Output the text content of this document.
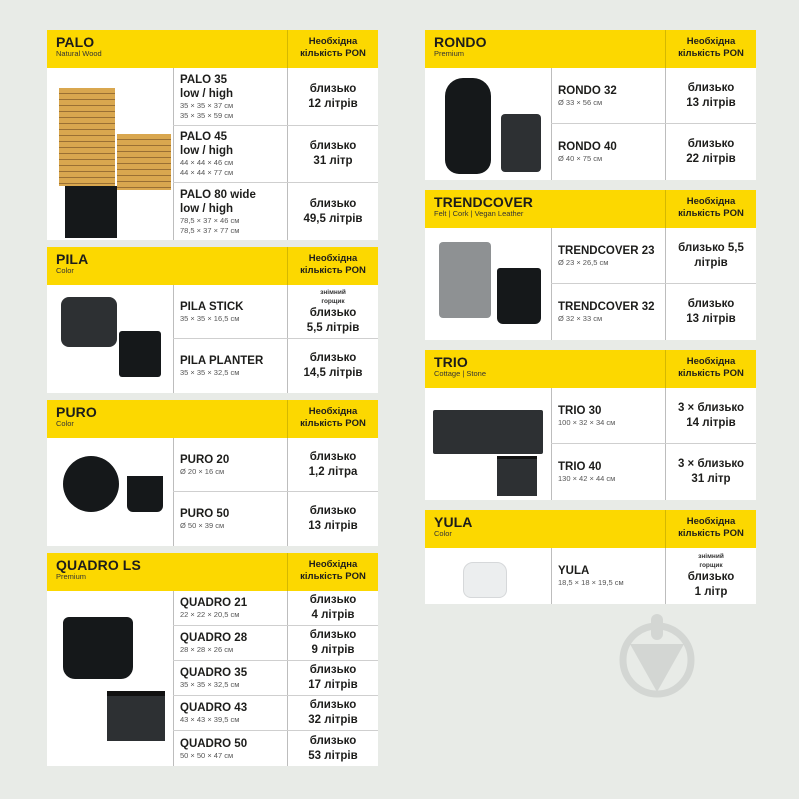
PALO
Natural Wood
Необхідна кількість PON
PALO 35
low / high
35 × 35 × 37 см
35 × 35 × 59 см
близько
12 літрів
PALO 45
low / high
44 × 44 × 46 см
44 × 44 × 77 см
близько
31 літр
PALO 80 wide
low / high
78,5 × 37 × 46 см
78,5 × 37 × 77 см
близько
49,5 літрів
PILA
Color
Необхідна кількість PON
PILA STICK
35 × 35 × 16,5 см
знімний горщик
близько
5,5 літрів
PILA PLANTER
35 × 35 × 32,5 см
близько
14,5 літрів
PURO
Color
Необхідна кількість PON
PURO 20
Ø 20 × 16 см
близько
1,2 літра
PURO 50
Ø 50 × 39 см
близько
13 літрів
QUADRO LS
Premium
Необхідна кількість PON
QUADRO 21
22 × 22 × 20,5 см
близько
4 літрів
QUADRO 28
28 × 28 × 26 см
близько
9 літрів
QUADRO 35
35 × 35 × 32,5 см
близько
17 літрів
QUADRO 43
43 × 43 × 39,5 см
близько
32 літрів
QUADRO 50
50 × 50 × 47 см
близько
53 літрів
RONDO
Premium
Необхідна кількість PON
RONDO 32
Ø 33 × 56 см
близько
13 літрів
RONDO 40
Ø 40 × 75 см
близько
22 літрів
TRENDCOVER
Felt | Cork | Vegan Leather
Необхідна кількість PON
TRENDCOVER 23
Ø 23 × 26,5 см
близько 5,5
літрів
TRENDCOVER 32
Ø 32 × 33 см
близько
13 літрів
TRIO
Cottage | Stone
Необхідна кількість PON
TRIO 30
100 × 32 × 34 см
3 × близько
14 літрів
TRIO 40
130 × 42 × 44 см
3 × близько
31 літр
YULA
Color
Необхідна кількість PON
YULA
18,5 × 18 × 19,5 см
знімний горщик
близько
1 літр
